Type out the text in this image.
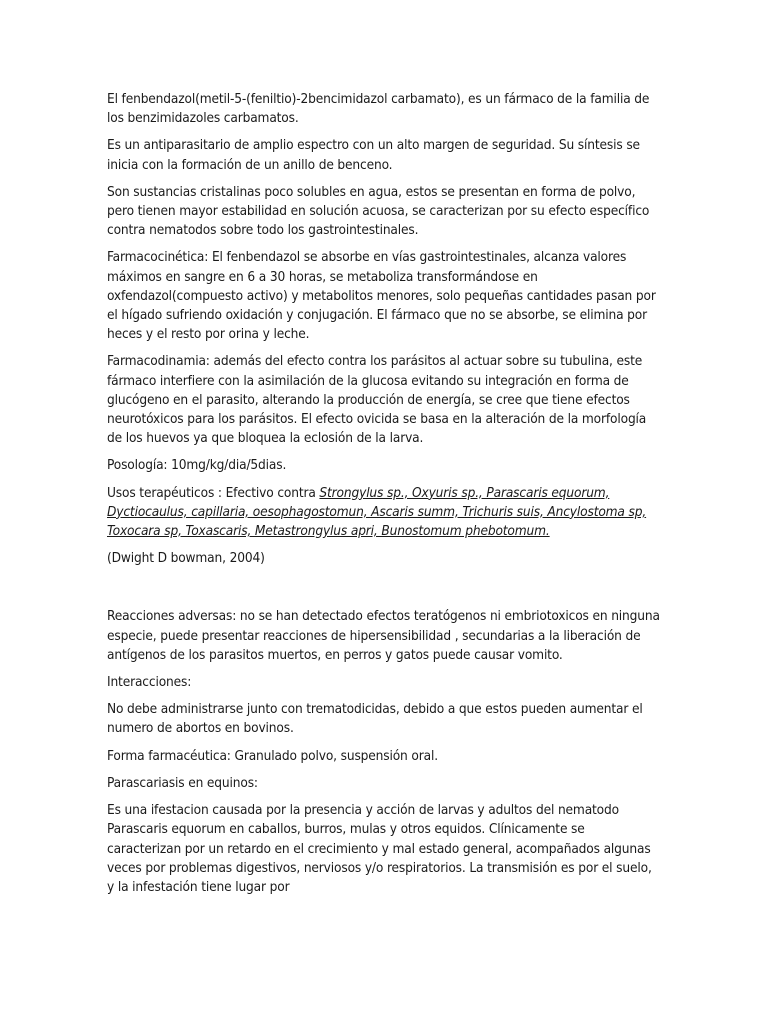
El fenbendazol(metil-5-(feniltio)-2bencimidazol carbamato), es un fármaco de la familia de los benzimidazoles carbamatos.

Es un antiparasitario de amplio espectro con un alto margen de seguridad. Su síntesis se inicia con la formación de un anillo de benceno.

Son sustancias cristalinas poco solubles en agua, estos se presentan en forma de polvo, pero tienen mayor estabilidad en solución acuosa, se caracterizan por su efecto específico contra nematodos sobre todo los gastrointestinales.

Farmacocinética: El fenbendazol se absorbe en vías gastrointestinales, alcanza valores máximos en sangre en 6 a 30 horas, se metaboliza transformándose en oxfendazol(compuesto activo) y metabolitos menores, solo pequeñas cantidades pasan por el hígado sufriendo oxidación y conjugación. El fármaco que no se absorbe, se elimina por heces y el resto por orina y leche.

Farmacodinamia: además del efecto contra los parásitos al actuar sobre su tubulina, este fármaco interfiere con la asimilación de la glucosa evitando su integración en forma de glucógeno en el parasito, alterando la producción de energía, se cree que tiene efectos neurotóxicos para los parásitos. El efecto ovicida se basa en la alteración de la morfología de los huevos ya que bloquea la eclosión de la larva.

Posología: 10mg/kg/dia/5dias.

Usos terapéuticos : Efectivo contra Strongylus sp., Oxyuris sp., Parascaris equorum, Dyctiocaulus, capillaria, oesophagostomun, Ascaris summ, Trichuris suis, Ancylostoma sp, Toxocara sp, Toxascaris, Metastrongylus apri, Bunostomum phebotomum.

(Dwight D bowman, 2004)

Reacciones adversas: no se han detectado efectos teratógenos ni embriotoxicos en ninguna especie, puede presentar reacciones de hipersensibilidad , secundarias a la liberación de antígenos de los parasitos muertos, en perros y gatos puede causar vomito.

Interacciones:

No debe administrarse junto con trematodicidas, debido a que estos pueden aumentar el numero de abortos en bovinos.

Forma farmacéutica: Granulado polvo, suspensión oral.

Parascariasis en equinos:

Es una ifestacion causada por la presencia y acción de larvas y adultos del nematodo Parascaris equorum en caballos, burros, mulas y otros equidos. Clínicamente se caracterizan por un retardo en el crecimiento y mal estado general, acompañados algunas veces por problemas digestivos, nerviosos y/o respiratorios. La transmisión es por el suelo, y la infestación tiene lugar por
